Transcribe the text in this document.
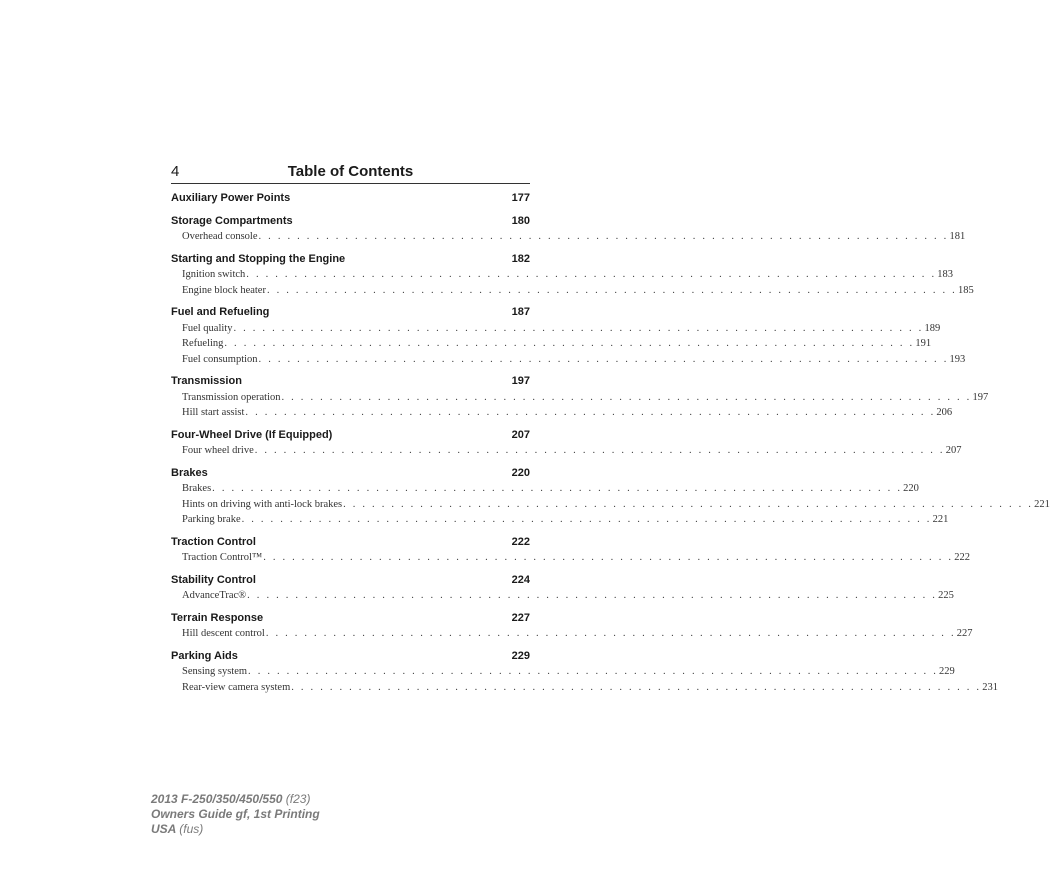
4	Table of Contents
Auxiliary Power Points	177
Storage Compartments	180
Overhead console . . . . . . . . . . . . . . . . . . . . . . . . . . . . . . . . . . . . . . . . . . . . . . . . . . . . . . . . . . . . . . . . . . . . . . . . 181
Starting and Stopping the Engine	182
Ignition switch . . . . . . . . . . . . . . . . . . . . . . . . . . . . . . . . . . . . . . . . . . . . . . . . . . . . . . . . . . . . . . . . . . . . . . . . 183
Engine block heater . . . . . . . . . . . . . . . . . . . . . . . . . . . . . . . . . . . . . . . . . . . . . . . . . . . . . . . . . . . . . . . . . . . . . . . . 185
Fuel and Refueling	187
Fuel quality . . . . . . . . . . . . . . . . . . . . . . . . . . . . . . . . . . . . . . . . . . . . . . . . . . . . . . . . . . . . . . . . . . . . . . . . 189
Refueling . . . . . . . . . . . . . . . . . . . . . . . . . . . . . . . . . . . . . . . . . . . . . . . . . . . . . . . . . . . . . . . . . . . . . . . . 191
Fuel consumption . . . . . . . . . . . . . . . . . . . . . . . . . . . . . . . . . . . . . . . . . . . . . . . . . . . . . . . . . . . . . . . . . . . . . . . . 193
Transmission	197
Transmission operation . . . . . . . . . . . . . . . . . . . . . . . . . . . . . . . . . . . . . . . . . . . . . . . . . . . . . . . . . . . . . . . . . . . . . . . . 197
Hill start assist . . . . . . . . . . . . . . . . . . . . . . . . . . . . . . . . . . . . . . . . . . . . . . . . . . . . . . . . . . . . . . . . . . . . . . . . 206
Four-Wheel Drive (If Equipped)	207
Four wheel drive . . . . . . . . . . . . . . . . . . . . . . . . . . . . . . . . . . . . . . . . . . . . . . . . . . . . . . . . . . . . . . . . . . . . . . . . 207
Brakes	220
Brakes . . . . . . . . . . . . . . . . . . . . . . . . . . . . . . . . . . . . . . . . . . . . . . . . . . . . . . . . . . . . . . . . . . . . . . . . 220
Hints on driving with anti-lock brakes . . . . . . . . . . . . . . . . . . . . . . . . . . . . . . . . . . . . . . . . . . . . . . . . . . . . . . . . . . . . . . . . . . . . . . . . 221
Parking brake . . . . . . . . . . . . . . . . . . . . . . . . . . . . . . . . . . . . . . . . . . . . . . . . . . . . . . . . . . . . . . . . . . . . . . . . 221
Traction Control	222
Traction Control™ . . . . . . . . . . . . . . . . . . . . . . . . . . . . . . . . . . . . . . . . . . . . . . . . . . . . . . . . . . . . . . . . . . . . . . . . 222
Stability Control	224
AdvanceTrac® . . . . . . . . . . . . . . . . . . . . . . . . . . . . . . . . . . . . . . . . . . . . . . . . . . . . . . . . . . . . . . . . . . . . . . . . 225
Terrain Response	227
Hill descent control . . . . . . . . . . . . . . . . . . . . . . . . . . . . . . . . . . . . . . . . . . . . . . . . . . . . . . . . . . . . . . . . . . . . . . . . 227
Parking Aids	229
Sensing system . . . . . . . . . . . . . . . . . . . . . . . . . . . . . . . . . . . . . . . . . . . . . . . . . . . . . . . . . . . . . . . . . . . . . . . . 229
Rear-view camera system . . . . . . . . . . . . . . . . . . . . . . . . . . . . . . . . . . . . . . . . . . . . . . . . . . . . . . . . . . . . . . . . . . . . . . . . 231
2013 F-250/350/450/550 (f23)
Owners Guide gf, 1st Printing
USA (fus)
